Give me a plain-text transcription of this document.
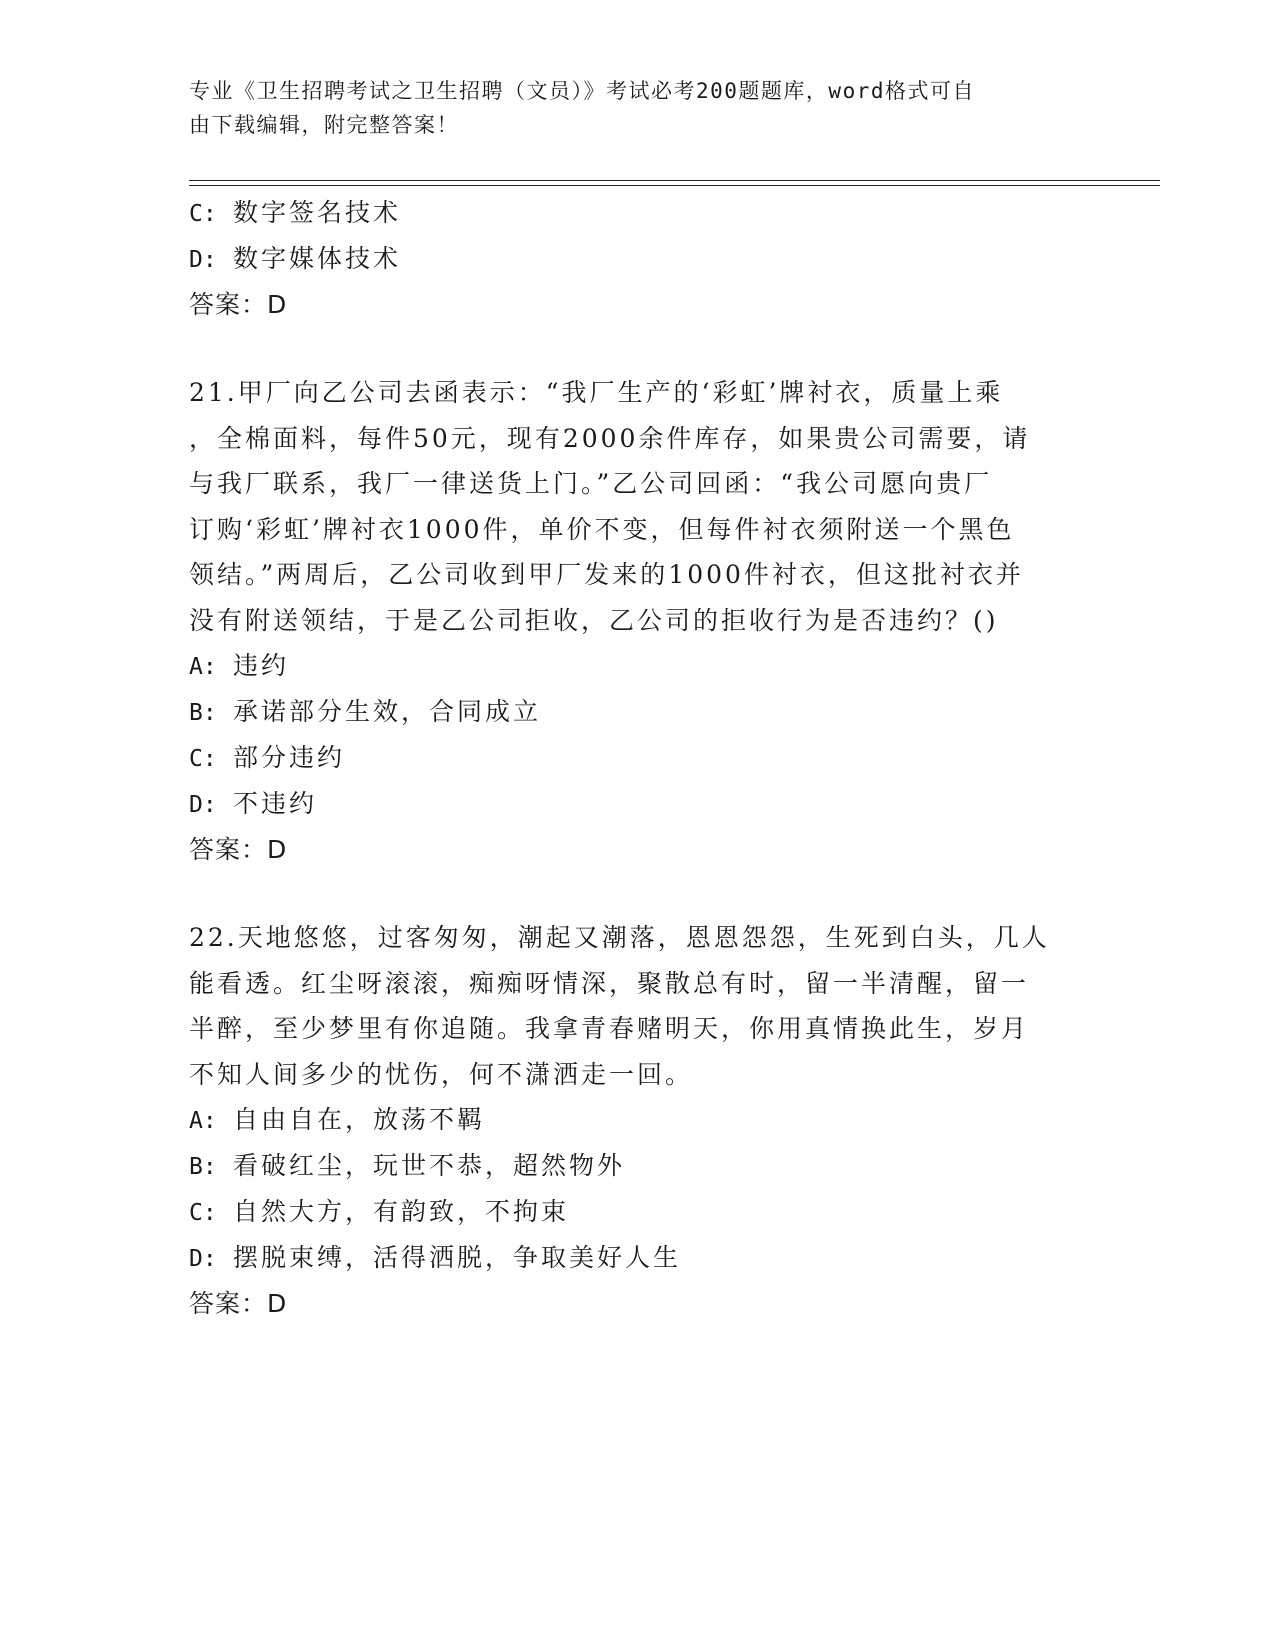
专业《卫生招聘考试之卫生招聘（文员）》考试必考200题题库，word格式可自
由下载编辑，附完整答案！
C: 数字签名技术
D: 数字媒体技术
答案：D
21.甲厂向乙公司去函表示：“我厂生产的‘彩虹’牌衬衣，质量上乘
，全棉面料，每件50元，现有2000余件库存，如果贵公司需要，请
与我厂联系，我厂一律送货上门。”乙公司回函：“我公司愿向贵厂
订购‘彩虹’牌衬衣1000件，单价不变，但每件衬衣须附送一个黑色
领结。”两周后，乙公司收到甲厂发来的1000件衬衣，但这批衬衣并
没有附送领结，于是乙公司拒收，乙公司的拒收行为是否违约？()
A: 违约
B: 承诺部分生效，合同成立
C: 部分违约
D: 不违约
答案：D
22.天地悠悠，过客匆匆，潮起又潮落，恩恩怨怨，生死到白头，几人
能看透。红尘呀滚滚，痴痴呀情深，聚散总有时，留一半清醒，留一
半醉，至少梦里有你追随。我拿青春赌明天，你用真情换此生，岁月
不知人间多少的忧伤，何不潇洒走一回。
A: 自由自在，放荡不羁
B: 看破红尘，玩世不恭，超然物外
C: 自然大方，有韵致，不拘束
D: 摆脱束缚，活得洒脱，争取美好人生
答案：D
